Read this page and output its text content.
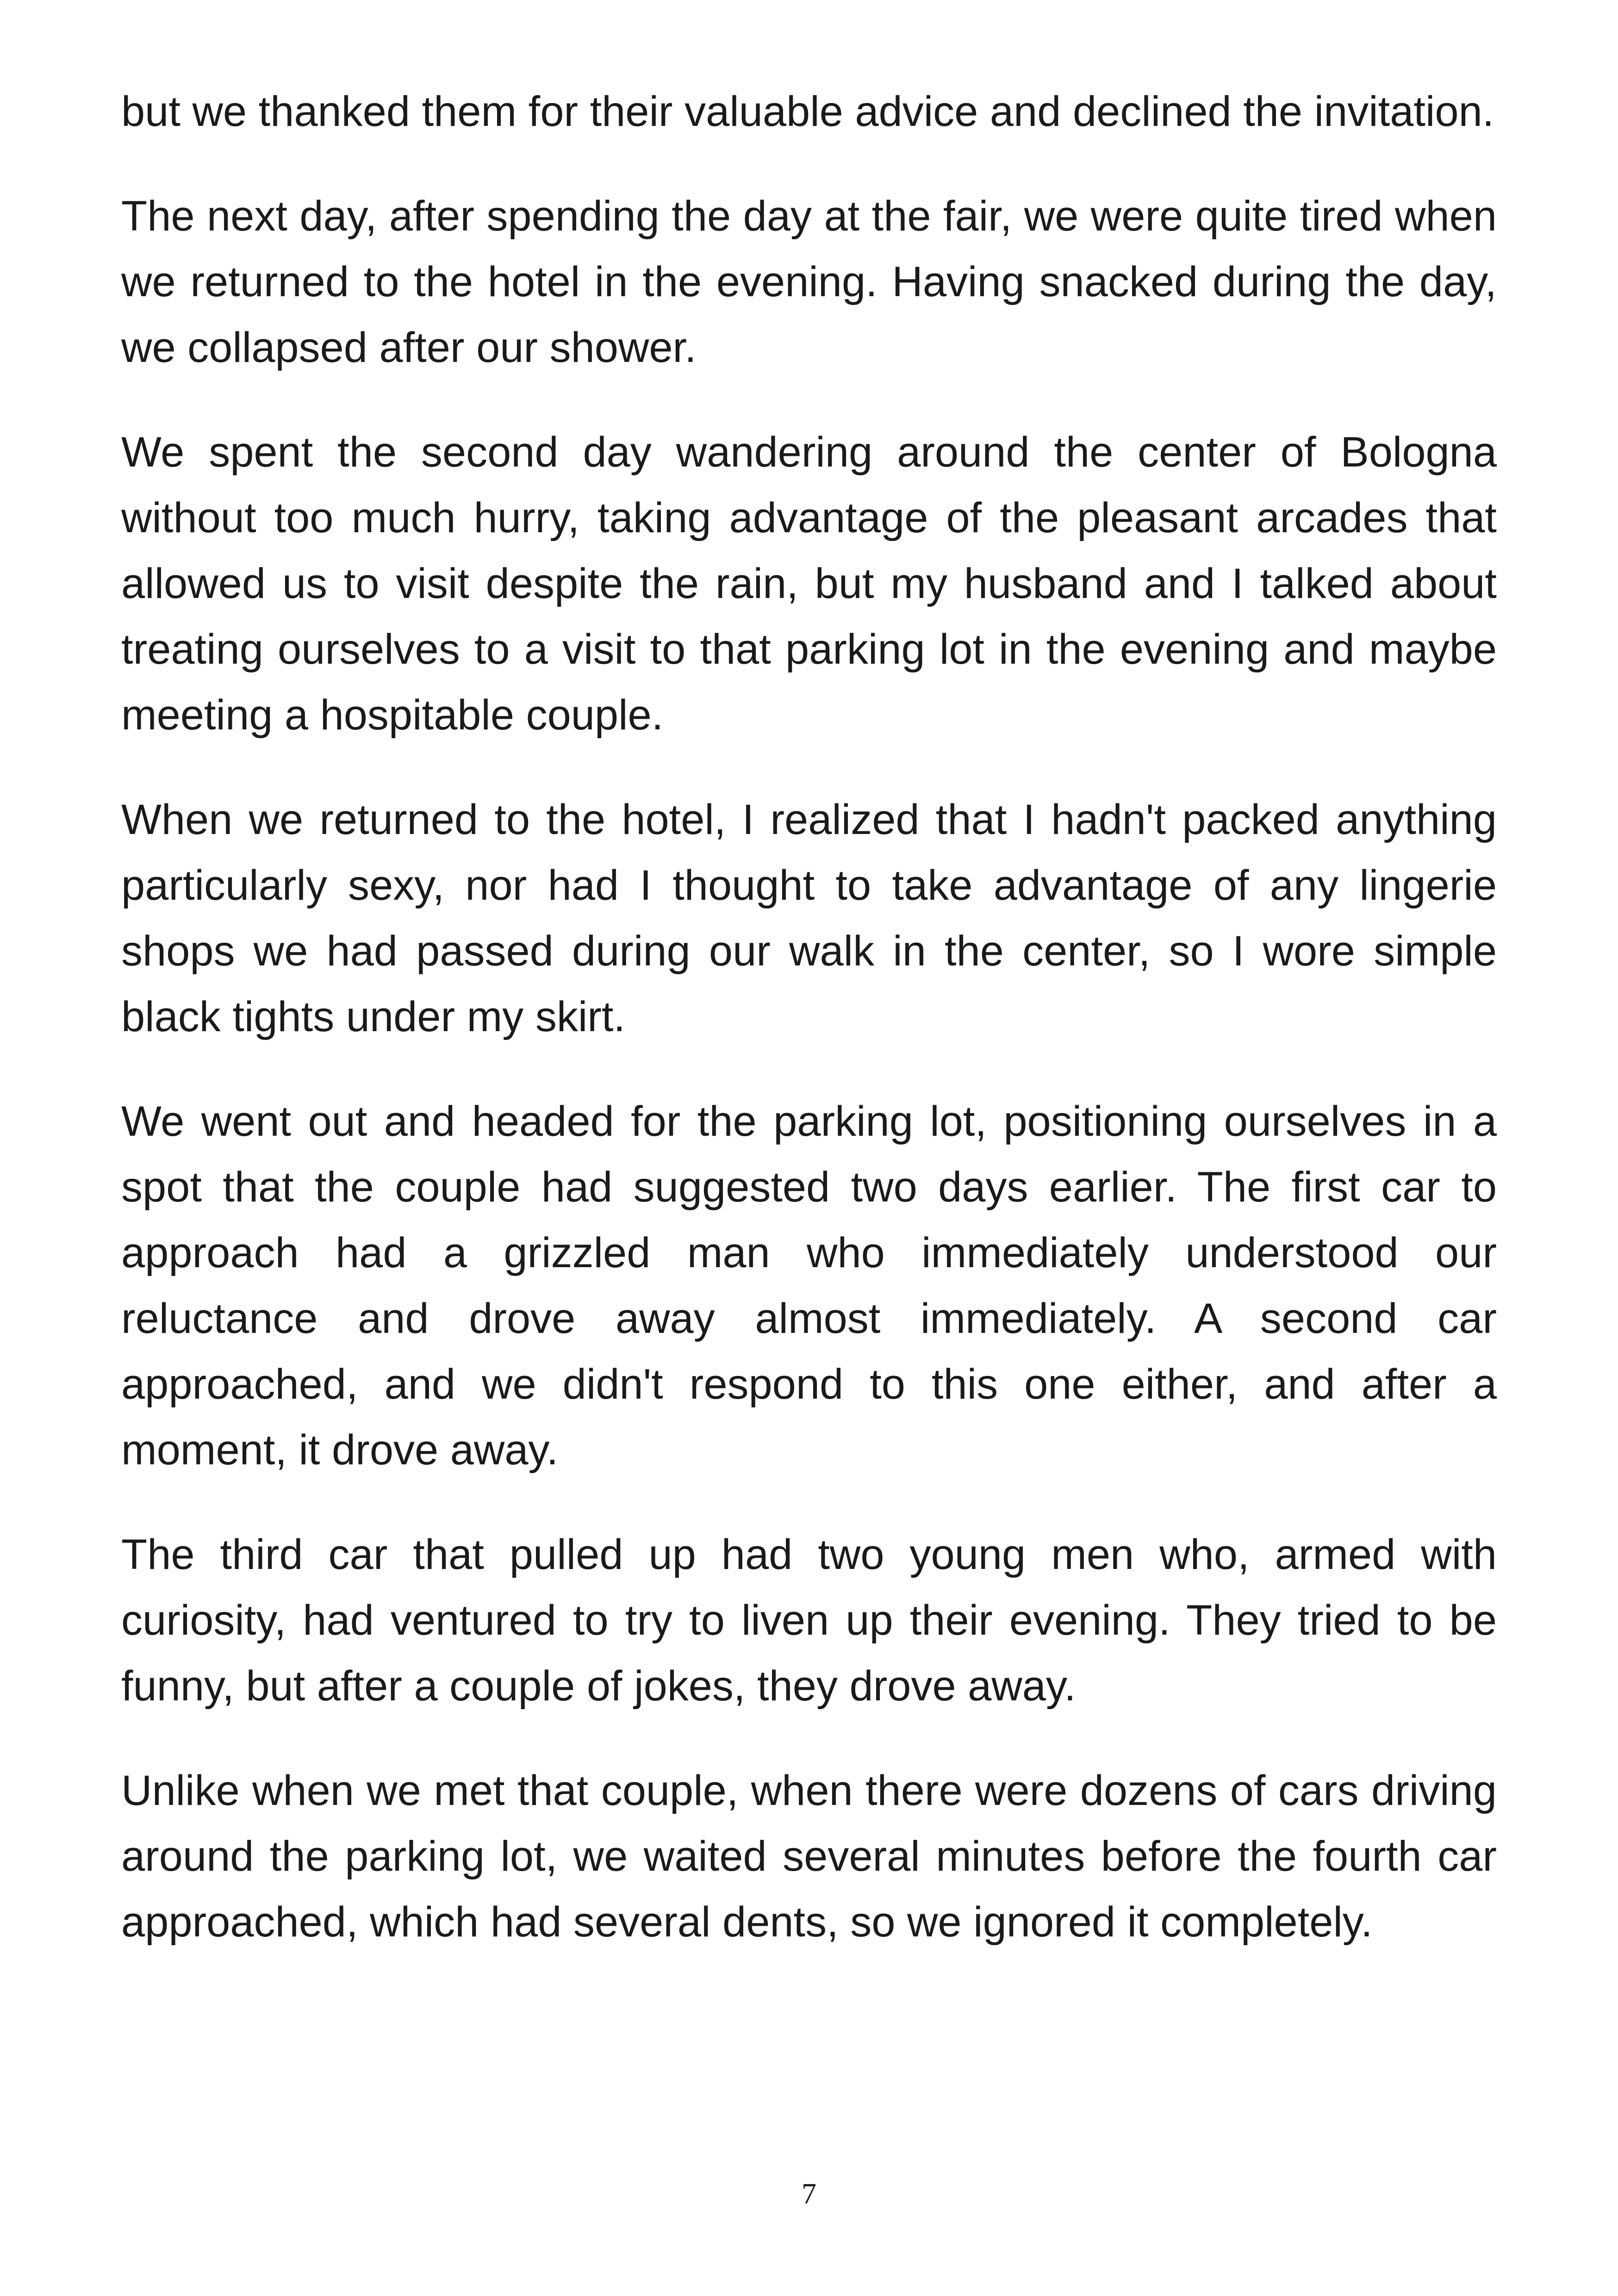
but we thanked them for their valuable advice and declined the invitation.

The next day, after spending the day at the fair, we were quite tired when we returned to the hotel in the evening. Having snacked during the day, we collapsed after our shower.

We spent the second day wandering around the center of Bologna without too much hurry, taking advantage of the pleasant arcades that allowed us to visit despite the rain, but my husband and I talked about treating ourselves to a visit to that parking lot in the evening and maybe meeting a hospitable couple.

When we returned to the hotel, I realized that I hadn't packed anything particularly sexy, nor had I thought to take advantage of any lingerie shops we had passed during our walk in the center, so I wore simple black tights under my skirt.

We went out and headed for the parking lot, positioning ourselves in a spot that the couple had suggested two days earlier. The first car to approach had a grizzled man who immediately understood our reluctance and drove away almost immediately. A second car approached, and we didn't respond to this one either, and after a moment, it drove away.

The third car that pulled up had two young men who, armed with curiosity, had ventured to try to liven up their evening. They tried to be funny, but after a couple of jokes, they drove away.

Unlike when we met that couple, when there were dozens of cars driving around the parking lot, we waited several minutes before the fourth car approached, which had several dents, so we ignored it completely.

7
